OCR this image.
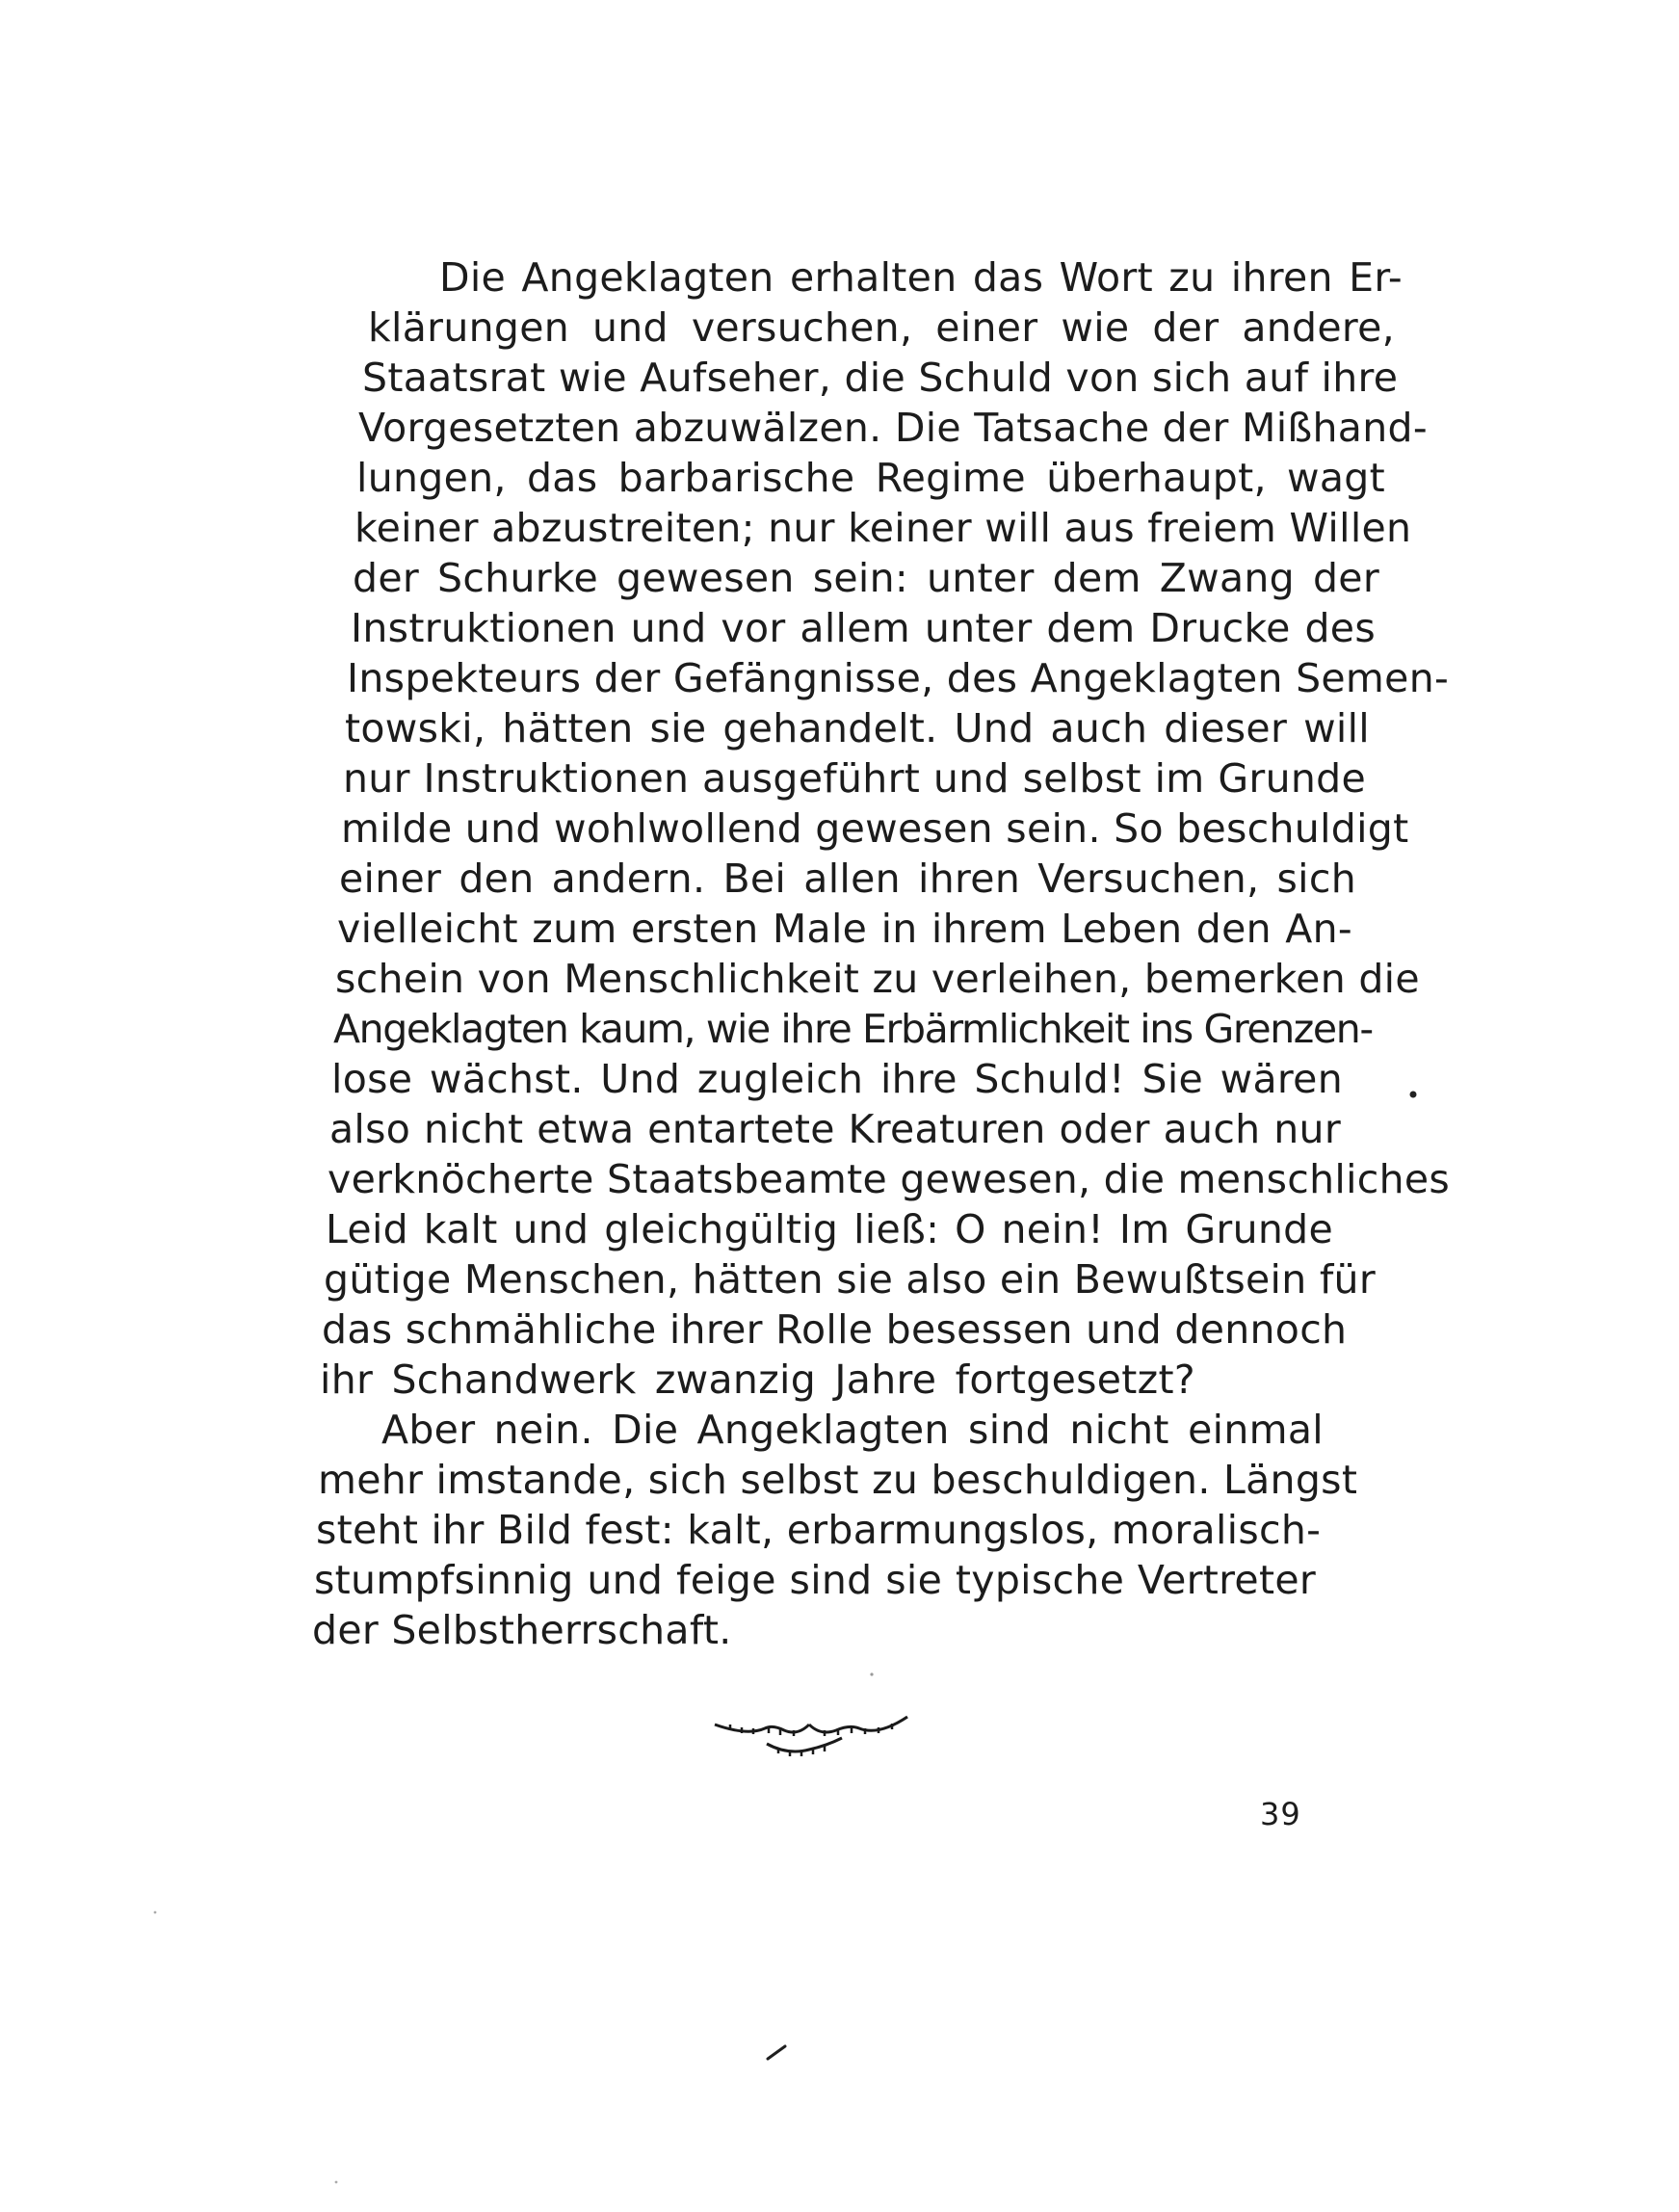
Die Angeklagten erhalten das Wort zu ihren Er-
klärungen und versuchen, einer wie der andere,
Staatsrat wie Aufseher, die Schuld von sich auf ihre
Vorgesetzten abzuwälzen. Die Tatsache der Mißhand-
lungen, das barbarische Regime überhaupt, wagt
keiner abzustreiten; nur keiner will aus freiem Willen
der Schurke gewesen sein: unter dem Zwang der
Instruktionen und vor allem unter dem Drucke des
Inspekteurs der Gefängnisse, des Angeklagten Semen-
towski, hätten sie gehandelt. Und auch dieser will
nur Instruktionen ausgeführt und selbst im Grunde
milde und wohlwollend gewesen sein. So beschuldigt
einer den andern. Bei allen ihren Versuchen, sich
vielleicht zum ersten Male in ihrem Leben den An-
schein von Menschlichkeit zu verleihen, bemerken die
Angeklagten kaum, wie ihre Erbärmlichkeit ins Grenzen-
lose wächst. Und zugleich ihre Schuld! Sie wären
also nicht etwa entartete Kreaturen oder auch nur
verknöcherte Staatsbeamte gewesen, die menschliches
Leid kalt und gleichgültig ließ: O nein! Im Grunde
gütige Menschen, hätten sie also ein Bewußtsein für
das schmähliche ihrer Rolle besessen und dennoch
ihr Schandwerk zwanzig Jahre fortgesetzt?
Aber nein. Die Angeklagten sind nicht einmal
mehr imstande, sich selbst zu beschuldigen. Längst
steht ihr Bild fest: kalt, erbarmungslos, moralisch-
stumpfsinnig und feige sind sie typische Vertreter
der Selbstherrschaft.
39
